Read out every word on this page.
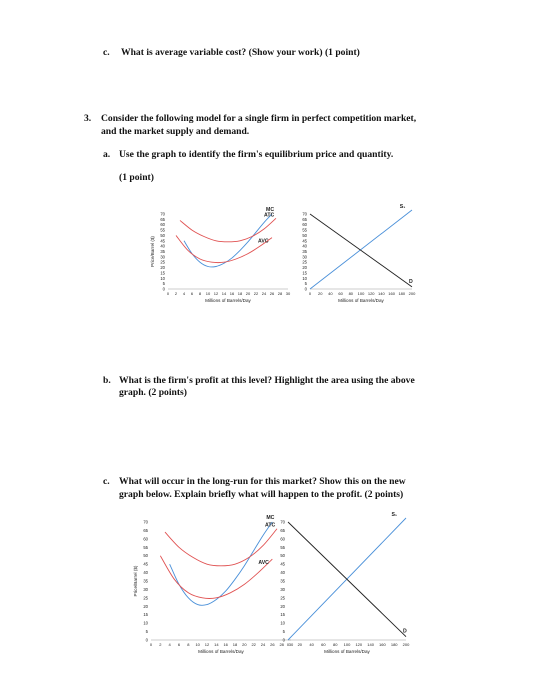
c. What is average variable cost? (Show your work) (1 point)
3. Consider the following model for a single firm in perfect competition market,
and the market supply and demand.
a. Use the graph to identify the firm's equilibrium price and quantity.
(1 point)
0
5
10
15
20
25
30
35
40
45
50
55
60
65
70
Price/Barrel ($)
0 2 4 6 8 10 12 14 16 18 20 22 24 26 28 30
Millions of Barrels/Day
MC
ATC
AVC
0
5
10
15
20
25
30
35
40
45
50
55
60
65
70
0 20 40 60 80 100 120 140 160 180 200
Millions of Barrels/Day
S₁
D
b. What is the firm's profit at this level? Highlight the area using the above
graph. (2 points)
c. What will occur in the long-run for this market? Show this on the new
graph below. Explain briefly what will happen to the profit. (2 points)
0
5
10
15
20
25
30
35
40
45
50
55
60
65
70
Price/Barrel ($)
0 2 4 6 8 10 12 14 16 18 20 22 24 26 28 30
Millions of Barrels/Day
MC
ATC
AVC
0
5
10
15
20
25
30
35
40
45
50
55
60
65
70
0 20 40 60 80 100 120 140 160 180 200
Millions of Barrels/Day
S₁
D
